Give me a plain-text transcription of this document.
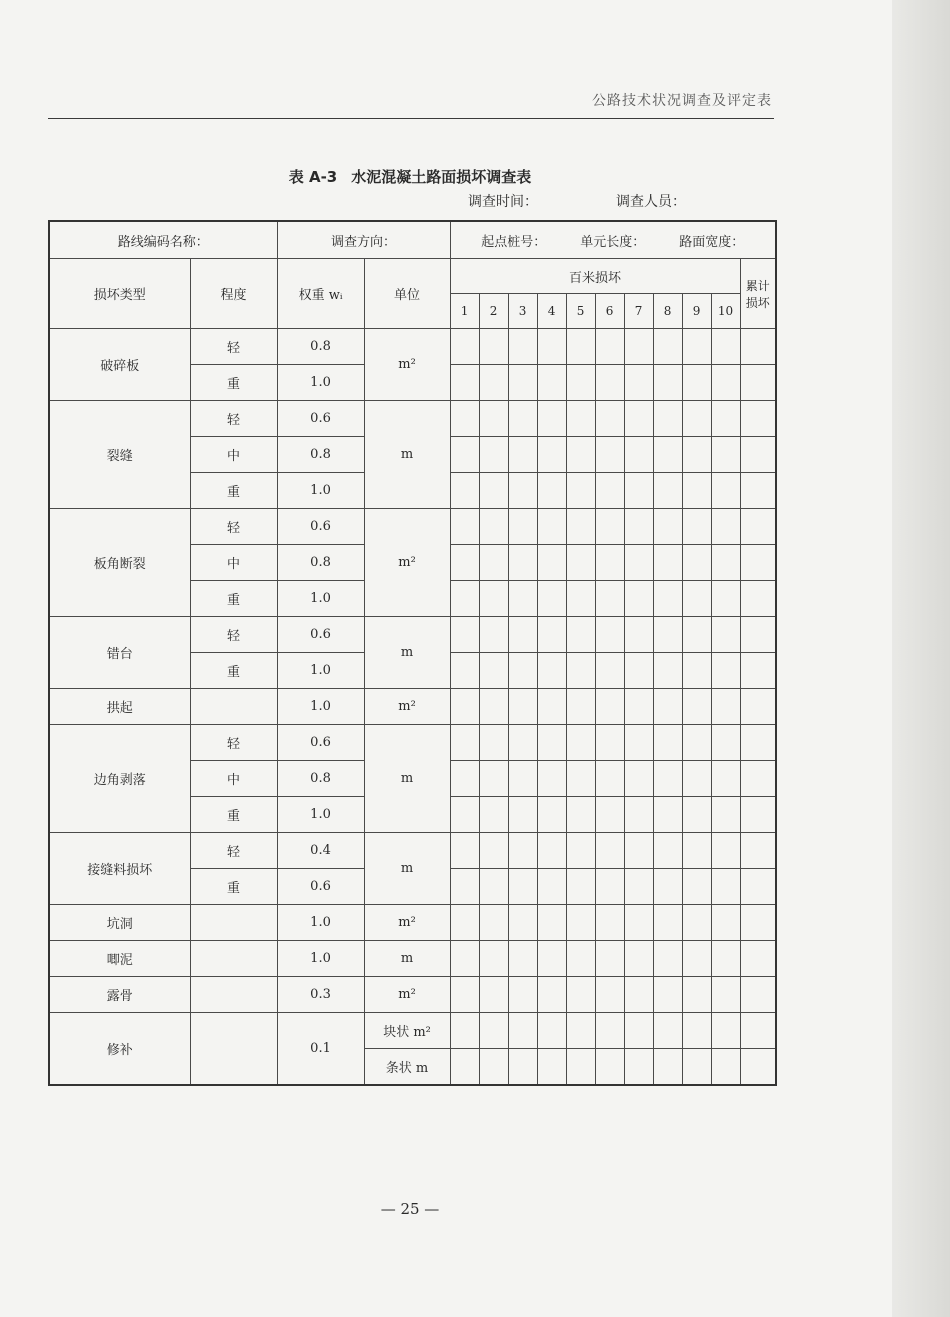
公路技术状况调查及评定表
表 A-3 水泥混凝土路面损坏调查表
调查时间：	调查人员：
路线编码名称：		调查方向：		起点桩号： 单元长度： 路面宽度：										
损坏类型	程度	权重 wᵢ	单位	百米损坏										累计损坏
				1	2	3	4	5	6	7	8	9	10	
破碎板	轻	0.8	m²											
	重	1.0												
裂缝	轻	0.6	m											
	中	0.8												
	重	1.0												
板角断裂	轻	0.6	m²											
	中	0.8												
	重	1.0												
错台	轻	0.6	m											
	重	1.0												
拱起		1.0	m²											
边角剥落	轻	0.6	m											
	中	0.8												
	重	1.0												
接缝料损坏	轻	0.4	m											
	重	0.6												
坑洞		1.0	m²											
唧泥		1.0	m											
露骨		0.3	m²											
修补		0.1	块状 m²											
			条状 m											
— 25 —
